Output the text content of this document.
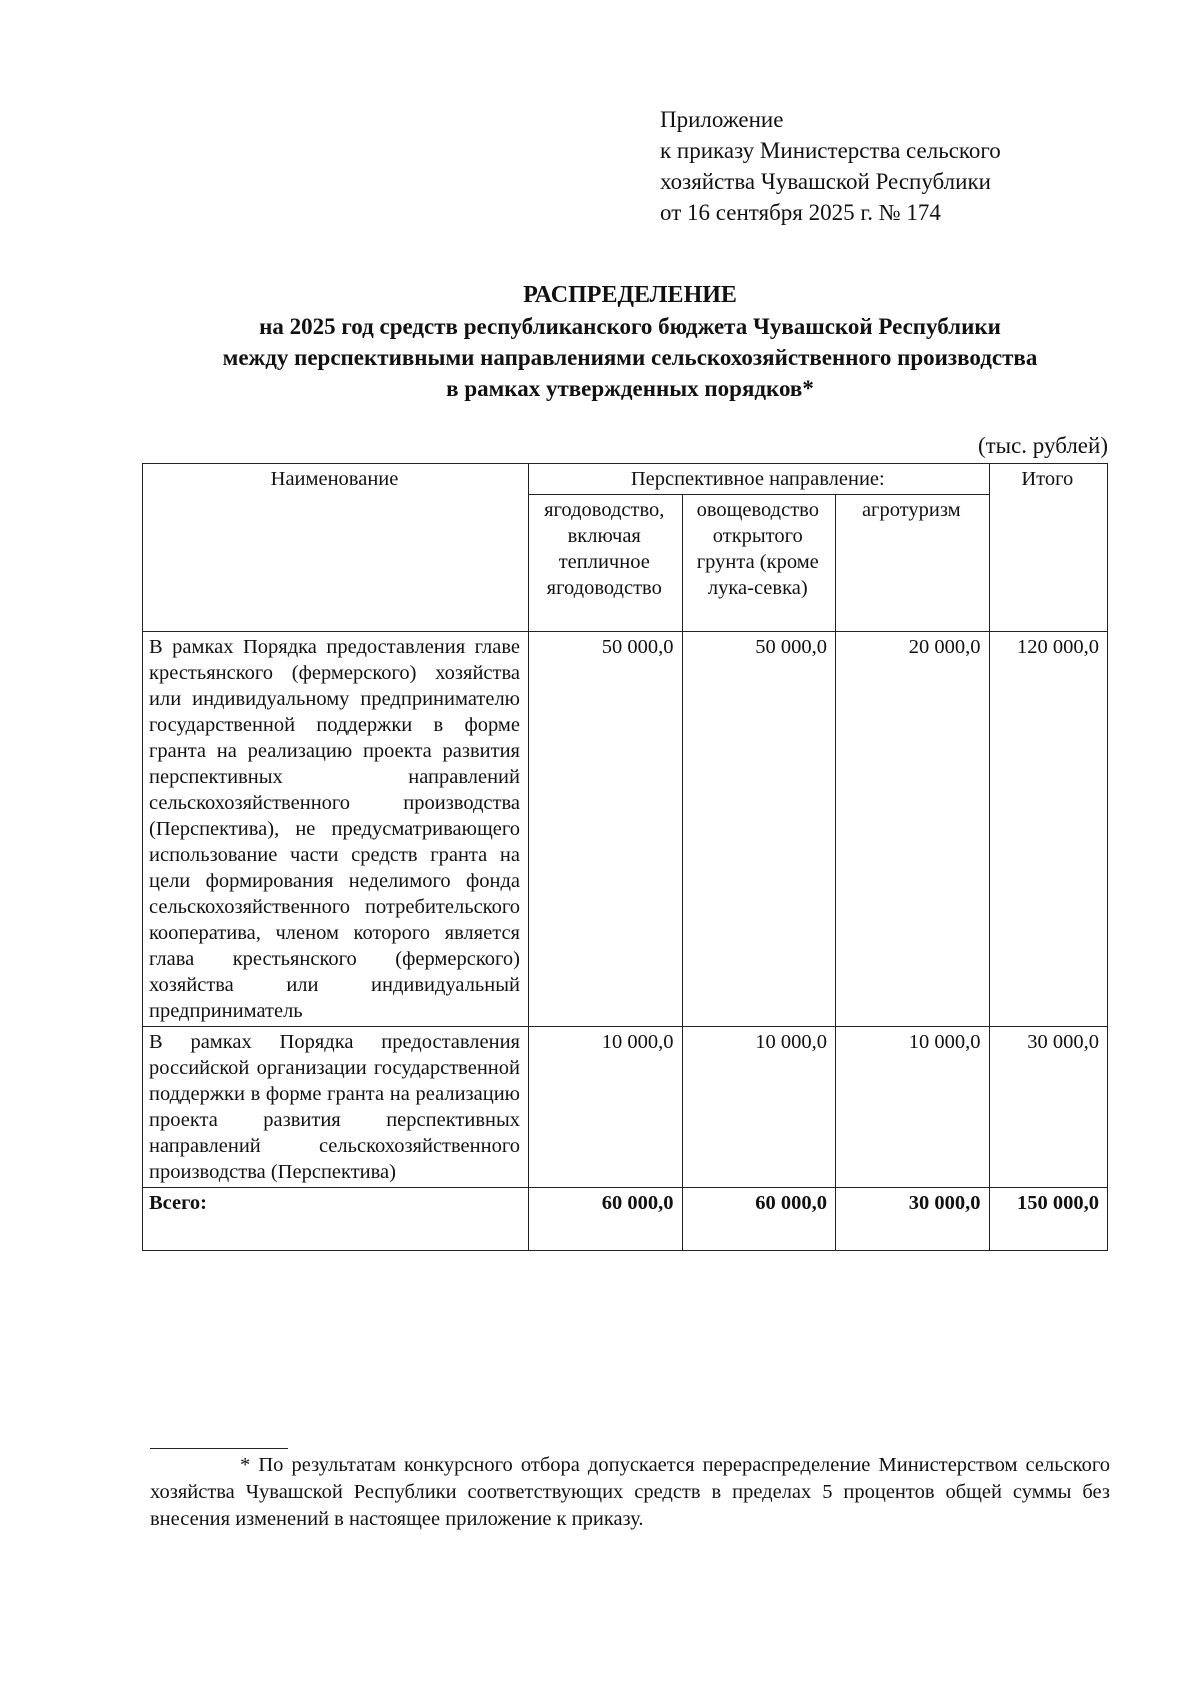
Приложение
к приказу Министерства сельского
хозяйства Чувашской Республики
от 16 сентября 2025 г. № 174
РАСПРЕДЕЛЕНИЕ
на 2025 год средств республиканского бюджета Чувашской Республики
между перспективными направлениями сельскохозяйственного производства
в рамках утвержденных порядков*
(тыс. рублей)
Наименование	Перспективное направление:			Итого
	ягодоводство, включая тепличное ягодоводство	овощеводство открытого грунта (кроме лука-севка)	агротуризм	
В рамках Порядка предоставления главе крестьянского (фермерского) хозяйства или индивидуальному предпринимателю государственной поддержки в форме гранта на реализацию проекта развития перспективных направлений сельскохозяйственного производства (Перспектива), не предусматривающего использование части средств гранта на цели формирования неделимого фонда сельскохозяйственного потребительского кооператива, членом которого является глава крестьянского (фермерского) хозяйства или индивидуальный предприниматель	50 000,0	50 000,0	20 000,0	120 000,0
В рамках Порядка предоставления российской организации государственной поддержки в форме гранта на реализацию проекта развития перспективных направлений сельскохозяйственного производства (Перспектива)	10 000,0	10 000,0	10 000,0	30 000,0
Всего:	60 000,0	60 000,0	30 000,0	150 000,0
* По результатам конкурсного отбора допускается перераспределение Министерством сельского хозяйства Чувашской Республики соответствующих средств в пределах 5 процентов общей суммы без внесения изменений в настоящее приложение к приказу.
